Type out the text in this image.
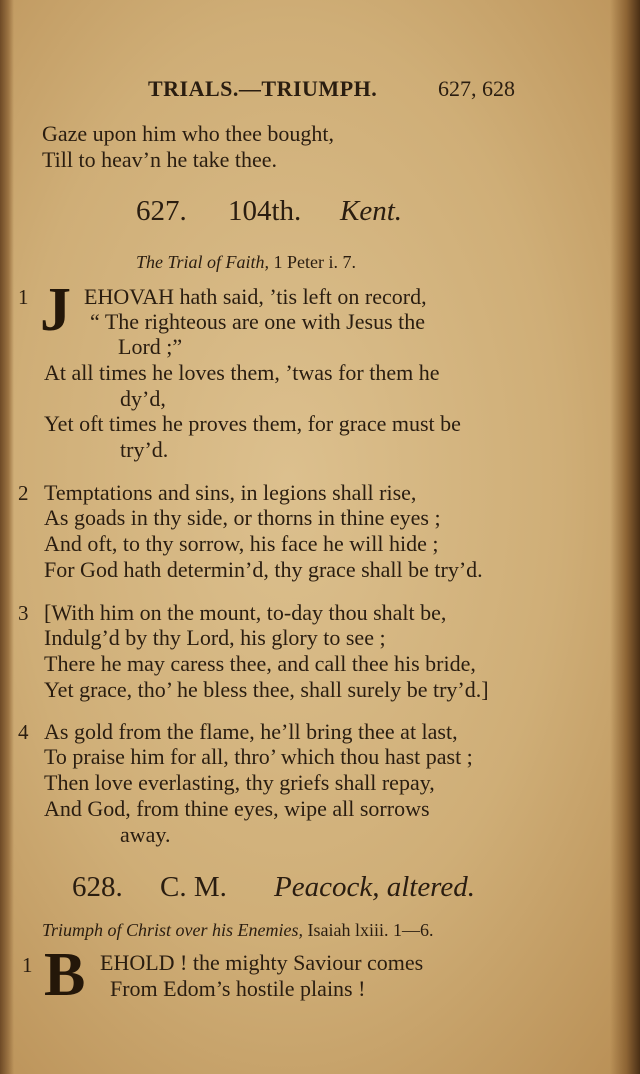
TRIALS.—TRIUMPH.	627, 628
Gaze upon him who thee bought,
Till to heav’n he take thee.
627. 104th. Kent.
The Trial of Faith, 1 Peter i. 7.
1 J EHOVAH hath said, ’tis left on record,
“ The righteous are one with Jesus the
Lord ;”
At all times he loves them, ’twas for them he
dy’d,
Yet oft times he proves them, for grace must be
try’d.
2 Temptations and sins, in legions shall rise,
As goads in thy side, or thorns in thine eyes ;
And oft, to thy sorrow, his face he will hide ;
For God hath determin’d, thy grace shall be try’d.
3 [With him on the mount, to-day thou shalt be,
Indulg’d by thy Lord, his glory to see ;
There he may caress thee, and call thee his bride,
Yet grace, tho’ he bless thee, shall surely be try’d.]
4 As gold from the flame, he’ll bring thee at last,
To praise him for all, thro’ which thou hast past ;
Then love everlasting, thy griefs shall repay,
And God, from thine eyes, wipe all sorrows
away.
628. C. M. Peacock, altered.
Triumph of Christ over his Enemies, Isaiah lxiii. 1—6.
1 B EHOLD ! the mighty Saviour comes
From Edom’s hostile plains !
